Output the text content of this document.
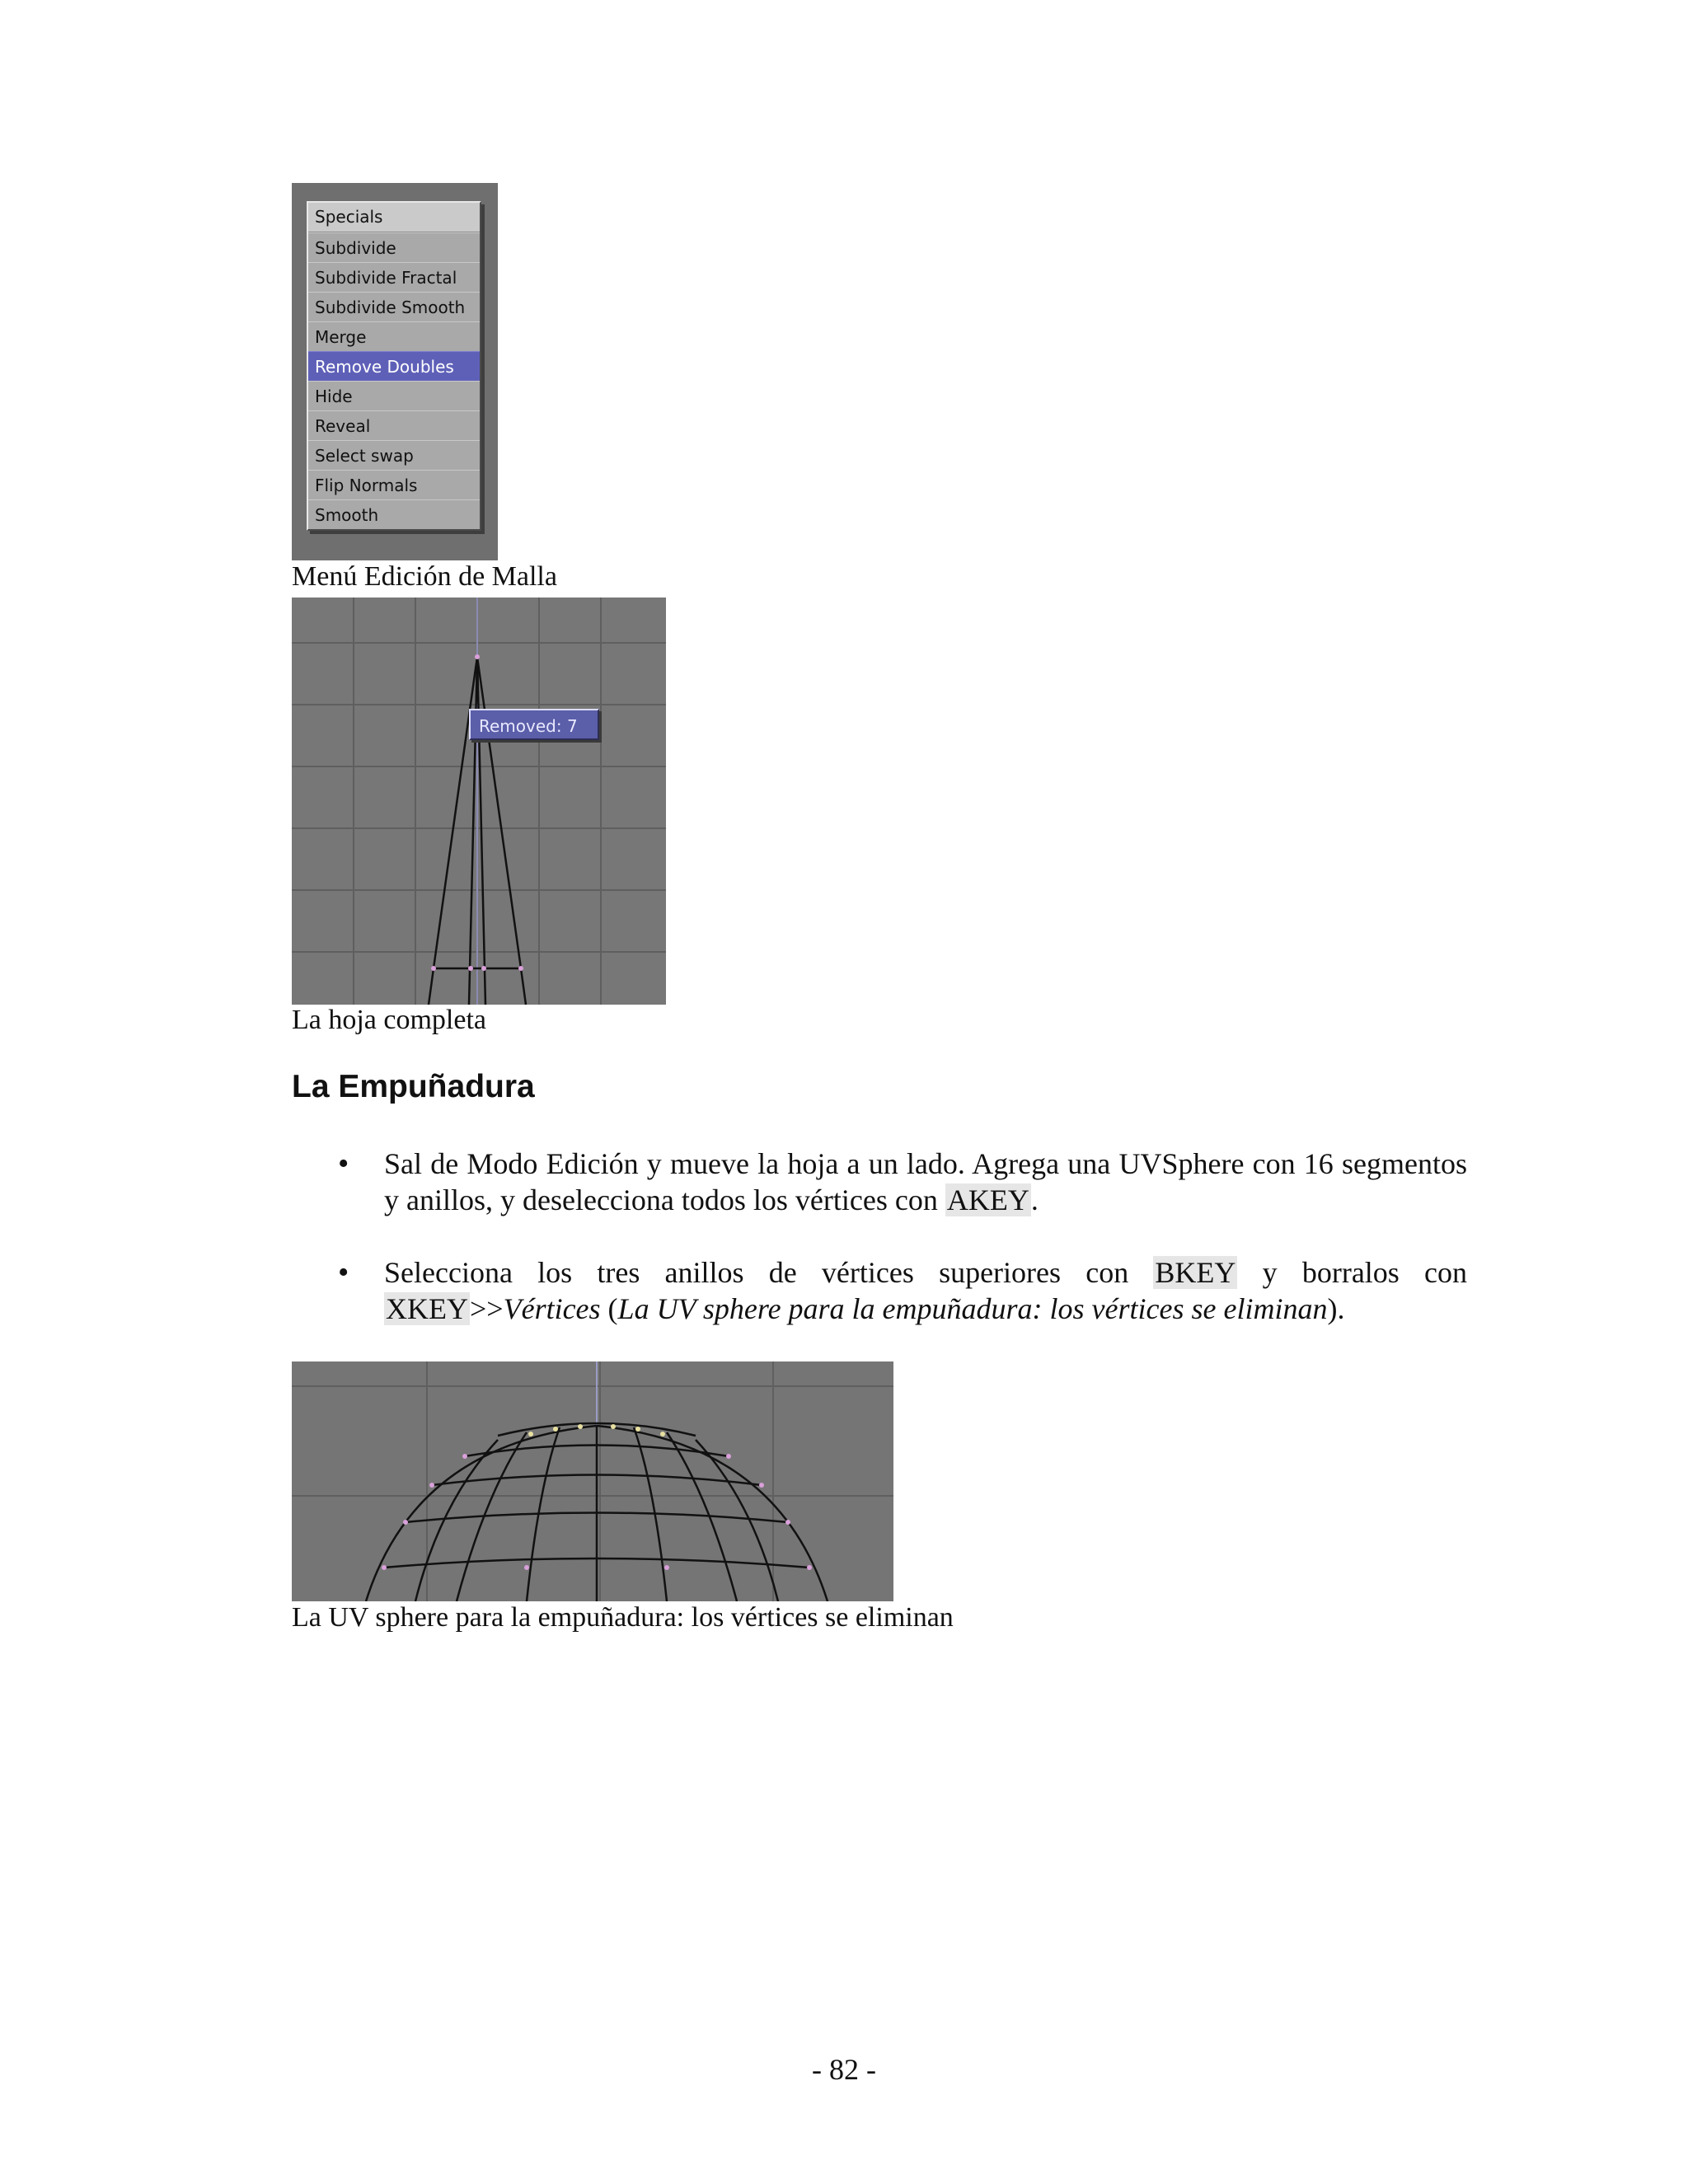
Specials
Subdivide
Subdivide Fractal
Subdivide Smooth
Merge
Remove Doubles
Hide
Reveal
Select swap
Flip Normals
Smooth
Menú Edición de Malla
Removed: 7
La hoja completa
La Empuñadura
• Sal de Modo Edición y mueve la hoja a un lado. Agrega una UVSphere con 16 segmentos y anillos, y deselecciona todos los vértices con AKEY.
• Selecciona los tres anillos de vértices superiores con BKEY y borralos con XKEY>>Vértices (La UV sphere para la empuñadura: los vértices se eliminan).
La UV sphere para la empuñadura: los vértices se eliminan
- 82 -
